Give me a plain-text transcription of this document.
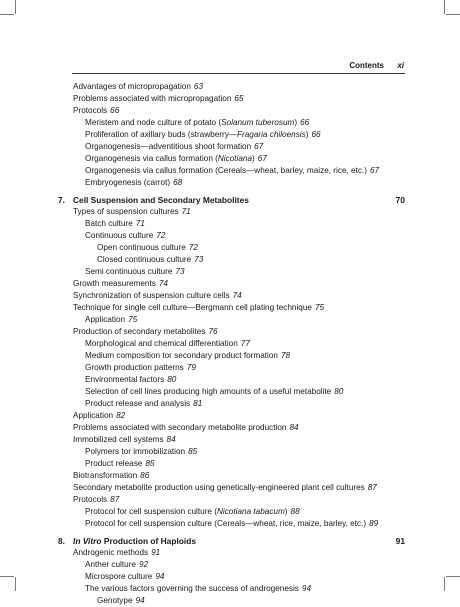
Contents xi
Advantages of micropropagation 63
Problems associated with micropropagation 65
Protocols 66
Meristem and node culture of potato (Solanum tuberosum) 66
Proliferation of axillary buds (strawberry—Fragaria chiloensis) 66
Organogenesis—adventitious shoot formation 67
Organogenesis via callus formation (Nicotiana) 67
Organogenesis via callus formation (Cereals—wheat, barley, maize, rice, etc.) 67
Embryogenesis (carrot) 68
7. Cell Suspension and Secondary Metabolites	70
Types of suspension cultures 71
Batch culture 71
Continuous culture 72
Open continuous culture 72
Closed continuous culture 73
Semi continuous culture 73
Growth measurements 74
Synchronization of suspension culture cells 74
Technique for single cell culture—Bergmann cell plating technique 75
Application 75
Production of secondary metabolites 76
Morphological and chemical differentiation 77
Medium composition tor secondary product formation 78
Growth production patterns 79
Environmental factors 80
Selection of cell lines producing high amounts of a useful metabolite 80
Product release and analysis 81
Application 82
Problems associated with secondary metabolite production 84
Immobilized cell systems 84
Polymers tor immobilization 85
Product release 85
Biotransformation 86
Secondary metabolite production using genetically-engineered plant cell cultures 87
Protocols 87
Protocol for cell suspension culture (Nicotiana tabacum) 88
Protocol for cell suspension culture (Cereals—wheat, rice, maize, barley, etc.) 89
8. In Vitro Production of Haploids	91
Androgenic methods 91
Anther culture 92
Microspore culture 94
The various factors governing the success of androgenesis 94
Genotype 94
